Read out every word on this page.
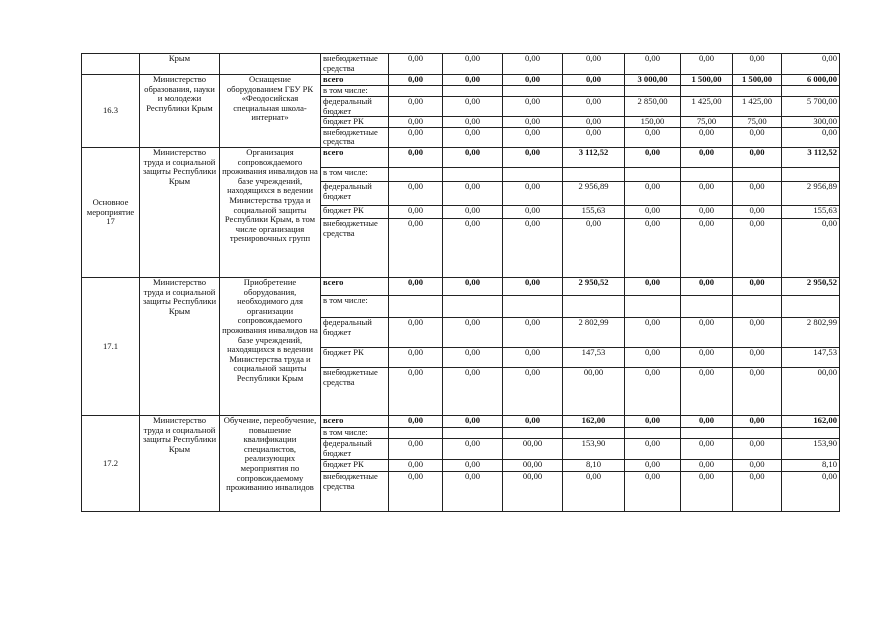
	Крым		внебюджетные средства	0,00	0,00	0,00	0,00	0,00	0,00	0,00	0,00

16.3	Министерство образования, науки и молодежи Республики Крым	Оснащение оборудованием ГБУ РК «Феодосийская специальная школа-интернат»	всего	0,00	0,00	0,00	0,00	3 000,00	1 500,00	1 500,00	6 000,00

			в том числе:								

			федеральный бюджет	0,00	0,00	0,00	0,00	2 850,00	1 425,00	1 425,00	5 700,00

			бюджет РК	0,00	0,00	0,00	0,00	150,00	75,00	75,00	300,00

			внебюджетные средства	0,00	0,00	0,00	0,00	0,00	0,00	0,00	0,00

Основное мероприятие 17	Министерство труда и социальной защиты Республики Крым	Организация сопровождаемого проживания инвалидов на базе учреждений, находящихся в ведении Министерства труда и социальной защиты Республики Крым, в том числе организация тренировочных групп	всего	0,00	0,00	0,00	3 112,52	0,00	0,00	0,00	3 112,52

			в том числе:								

			федеральный бюджет	0,00	0,00	0,00	2 956,89	0,00	0,00	0,00	2 956,89

			бюджет РК	0,00	0,00	0,00	155,63	0,00	0,00	0,00	155,63

			внебюджетные средства	0,00	0,00	0,00	0,00	0,00	0,00	0,00	0,00

17.1	Министерство труда и социальной защиты Республики Крым	Приобретение оборудования, необходимого для организации сопровождаемого проживания инвалидов на базе учреждений, находящихся в ведении Министерства труда и социальной защиты Республики Крым	всего	0,00	0,00	0,00	2 950,52	0,00	0,00	0,00	2 950,52

			в том числе:								

			федеральный бюджет	0,00	0,00	0,00	2 802,99	0,00	0,00	0,00	2 802,99

			бюджет РК	0,00	0,00	0,00	147,53	0,00	0,00	0,00	147,53

			внебюджетные средства	0,00	0,00	0,00	00,00	0,00	0,00	0,00	00,00

17.2	Министерство труда и социальной защиты Республики Крым	Обучение, переобучение, повышение квалификации специалистов, реализующих мероприятия по сопровождаемому проживанию инвалидов	всего	0,00	0,00	0,00	162,00	0,00	0,00	0,00	162,00

			в том числе:								

			федеральный бюджет	0,00	0,00	00,00	153,90	0,00	0,00	0,00	153,90

			бюджет РК	0,00	0,00	00,00	8,10	0,00	0,00	0,00	8,10

			внебюджетные средства	0,00	0,00	00,00	0,00	0,00	0,00	0,00	0,00
